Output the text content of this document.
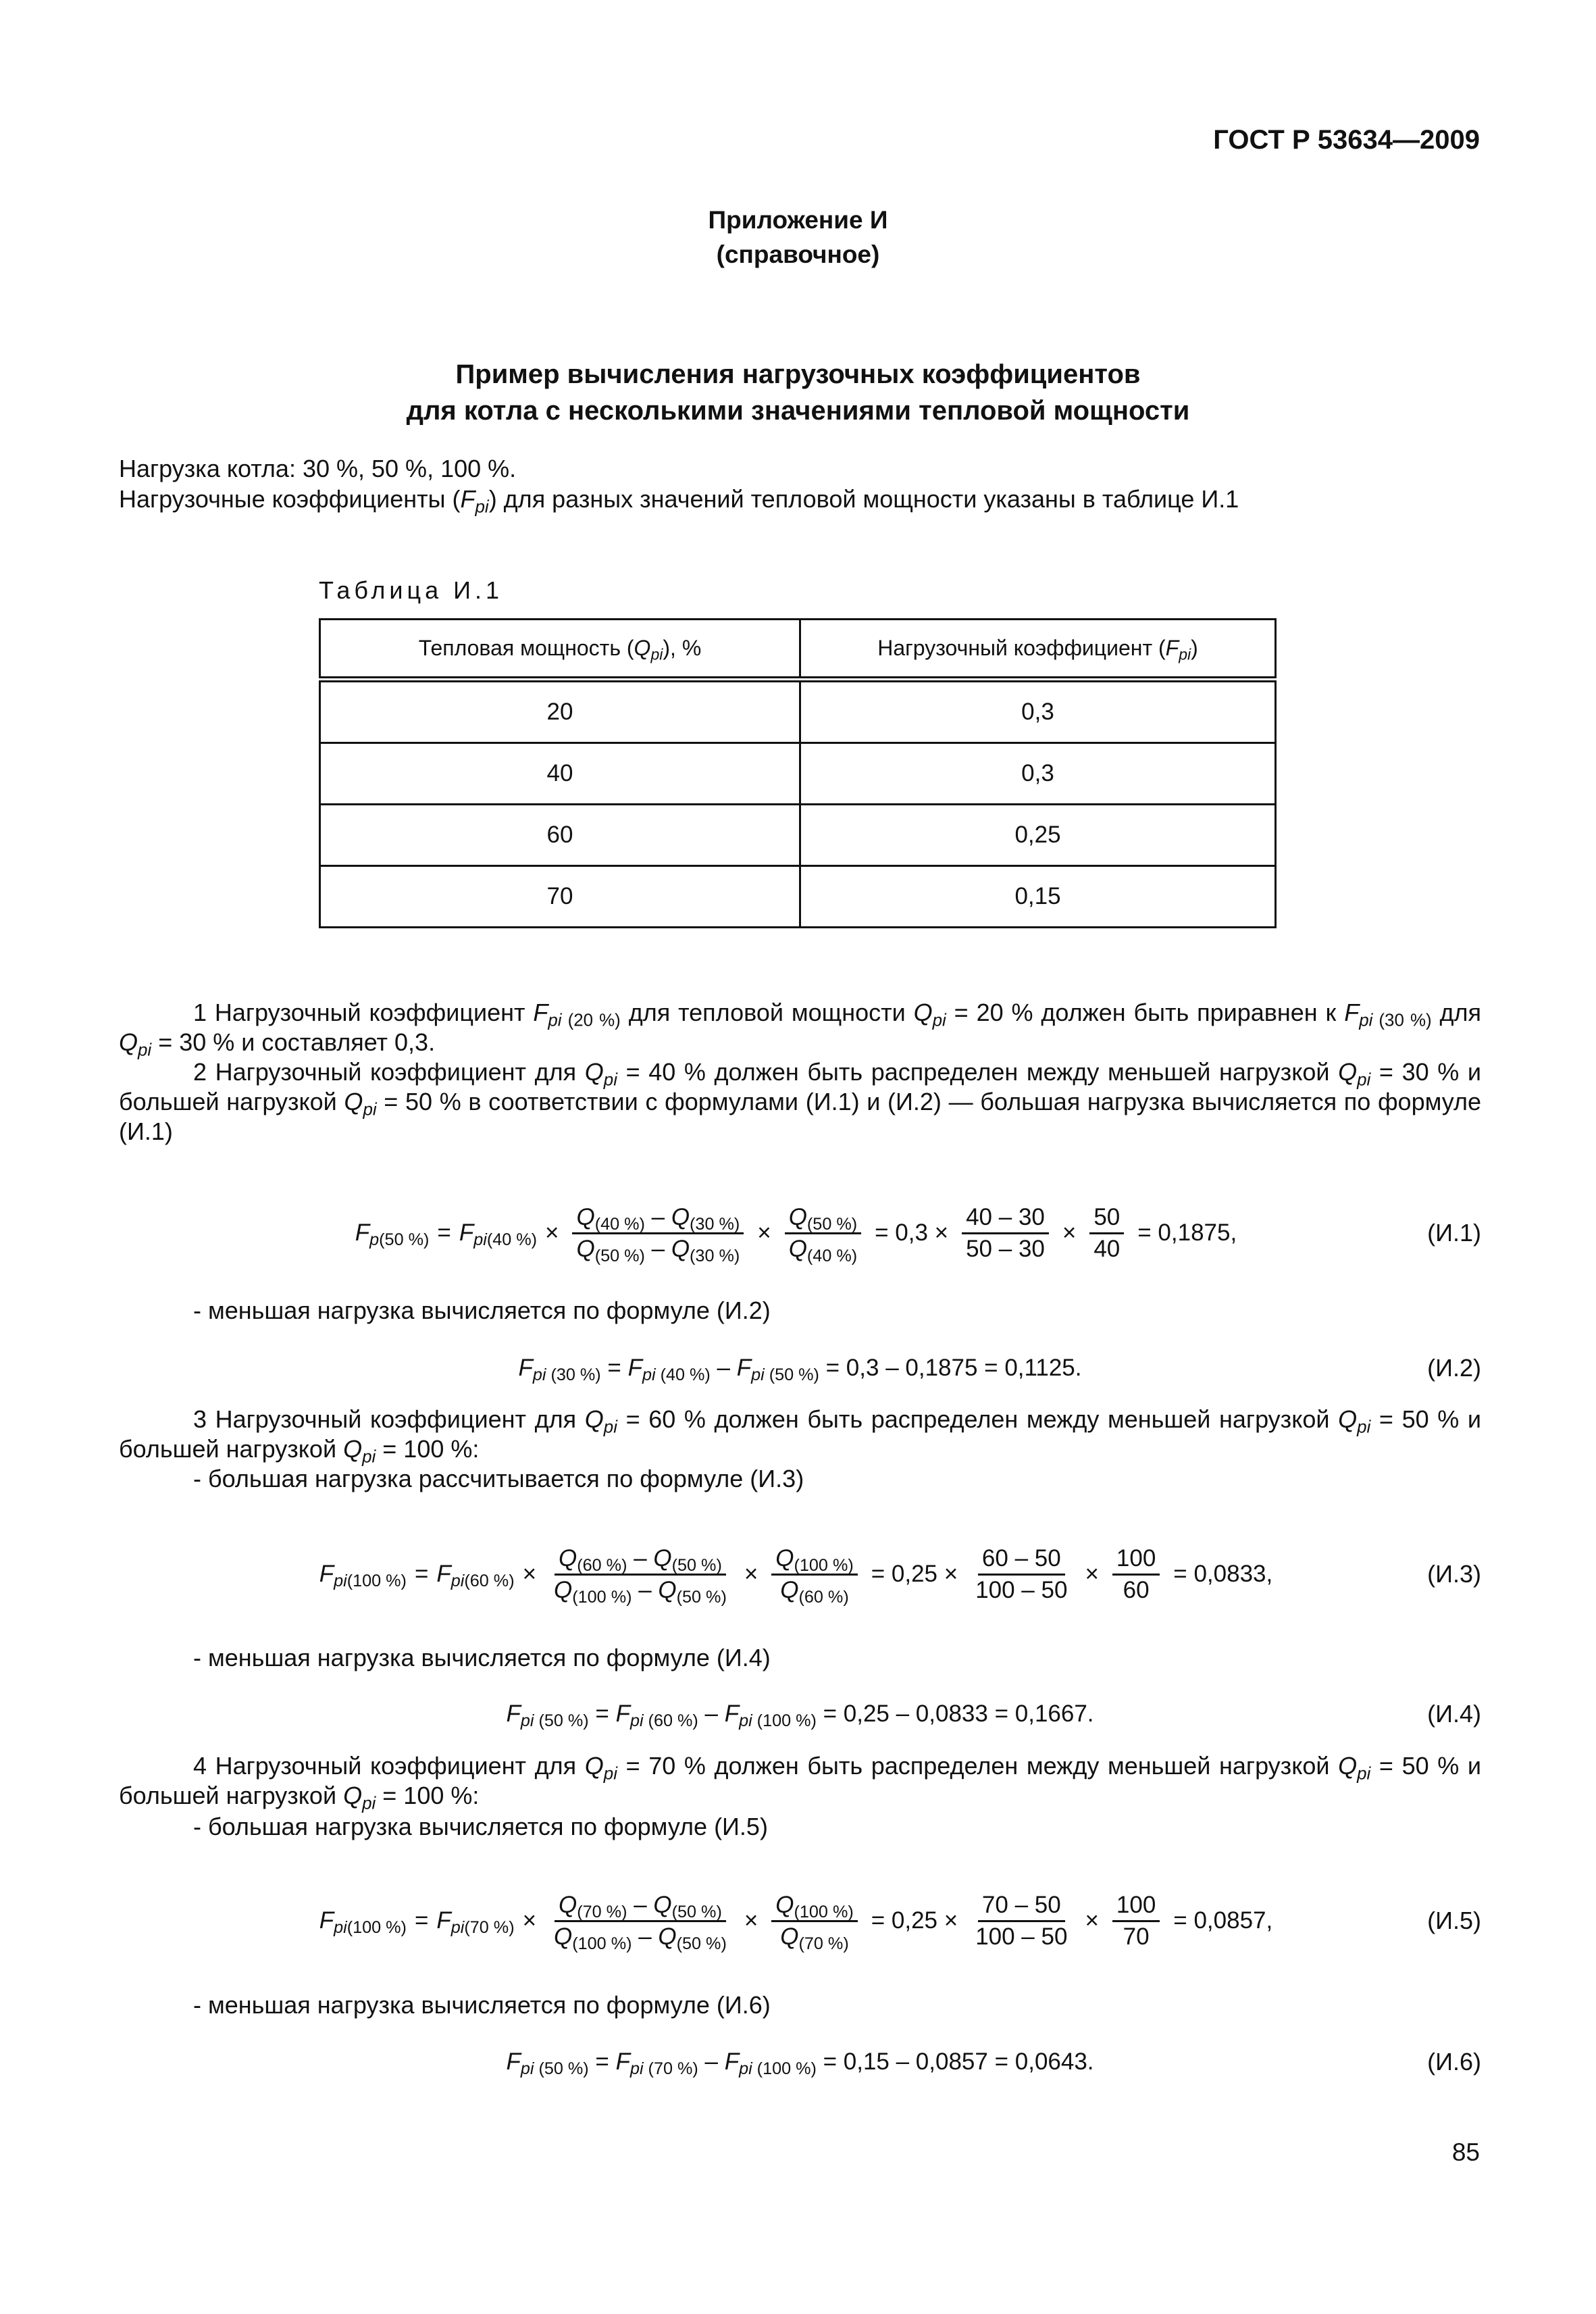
ГОСТ Р 53634—2009
Приложение И
(справочное)
Пример вычисления нагрузочных коэффициентов
для котла с несколькими значениями тепловой мощности
Нагрузка котла: 30 %, 50 %, 100 %.
Нагрузочные коэффициенты $(F_{pi})$ для разных значений тепловой мощности указаны в таблице И.1
Таблица И.1
Тепловая мощность $(Q_{pi})$, %	Нагрузочный коэффициент $(F_{pi})$
20	0,3
40	0,3
60	0,25
70	0,15
1 Нагрузочный коэффициент $F_{pi (20 \%)}$ для тепловой мощности $Q_{pi} = 20$ % должен быть приравнен к $F_{pi (30 \%)}$ для $Q_{pi} = 30$ % и составляет 0,3.
2 Нагрузочный коэффициент для $Q_{pi} = 40$ % должен быть распределен между меньшей нагрузкой $Q_{pi} = 30$ % и большей нагрузкой $Q_{pi} = 50$ % в соответствии с формулами (И.1) и (И.2) — большая нагрузка вычисляется по формуле (И.1)
$F_{p(50 \%)} = F_{pi(40 \%)} \times \frac{Q_{(40 \%)} - Q_{(30 \%)}}{Q_{(50 \%)} - Q_{(30 \%)}} \times \frac{Q_{(50 \%)}}{Q_{(40 \%)}} = 0,3 \times \frac{40 - 30}{50 - 30} \times \frac{50}{40} = 0,1875$,	(И.1)
- меньшая нагрузка вычисляется по формуле (И.2)
$F_{pi (30 \%)} = F_{pi (40 \%)} - F_{pi (50 \%)} = 0,3 - 0,1875 = 0,1125$.	(И.2)
3 Нагрузочный коэффициент для $Q_{pi} = 60$ % должен быть распределен между меньшей нагрузкой $Q_{pi} = 50$ % и большей нагрузкой $Q_{pi} = 100$ %:
- большая нагрузка рассчитывается по формуле (И.3)
$F_{pi(100 \%)} = F_{pi(60 \%)} \times \frac{Q_{(60 \%)} - Q_{(50 \%)}}{Q_{(100 \%)} - Q_{(50 \%)}} \times \frac{Q_{(100 \%)}}{Q_{(60 \%)}} = 0,25 \times \frac{60 - 50}{100 - 50} \times \frac{100}{60} = 0,0833$,	(И.3)
- меньшая нагрузка вычисляется по формуле (И.4)
$F_{pi (50 \%)} = F_{pi (60 \%)} - F_{pi (100 \%)} = 0,25 - 0,0833 = 0,1667$.	(И.4)
4 Нагрузочный коэффициент для $Q_{pi} = 70$ % должен быть распределен между меньшей нагрузкой $Q_{pi} = 50$ % и большей нагрузкой $Q_{pi} = 100$ %:
- большая нагрузка вычисляется по формуле (И.5)
$F_{pi(100 \%)} = F_{pi(70 \%)} \times \frac{Q_{(70 \%)} - Q_{(50 \%)}}{Q_{(100 \%)} - Q_{(50 \%)}} \times \frac{Q_{(100 \%)}}{Q_{(70 \%)}} = 0,25 \times \frac{70 - 50}{100 - 50} \times \frac{100}{70} = 0,0857$,	(И.5)
- меньшая нагрузка вычисляется по формуле (И.6)
$F_{pi (50 \%)} = F_{pi (70 \%)} - F_{pi (100 \%)} = 0,15 - 0,0857 = 0,0643$.	(И.6)
85
